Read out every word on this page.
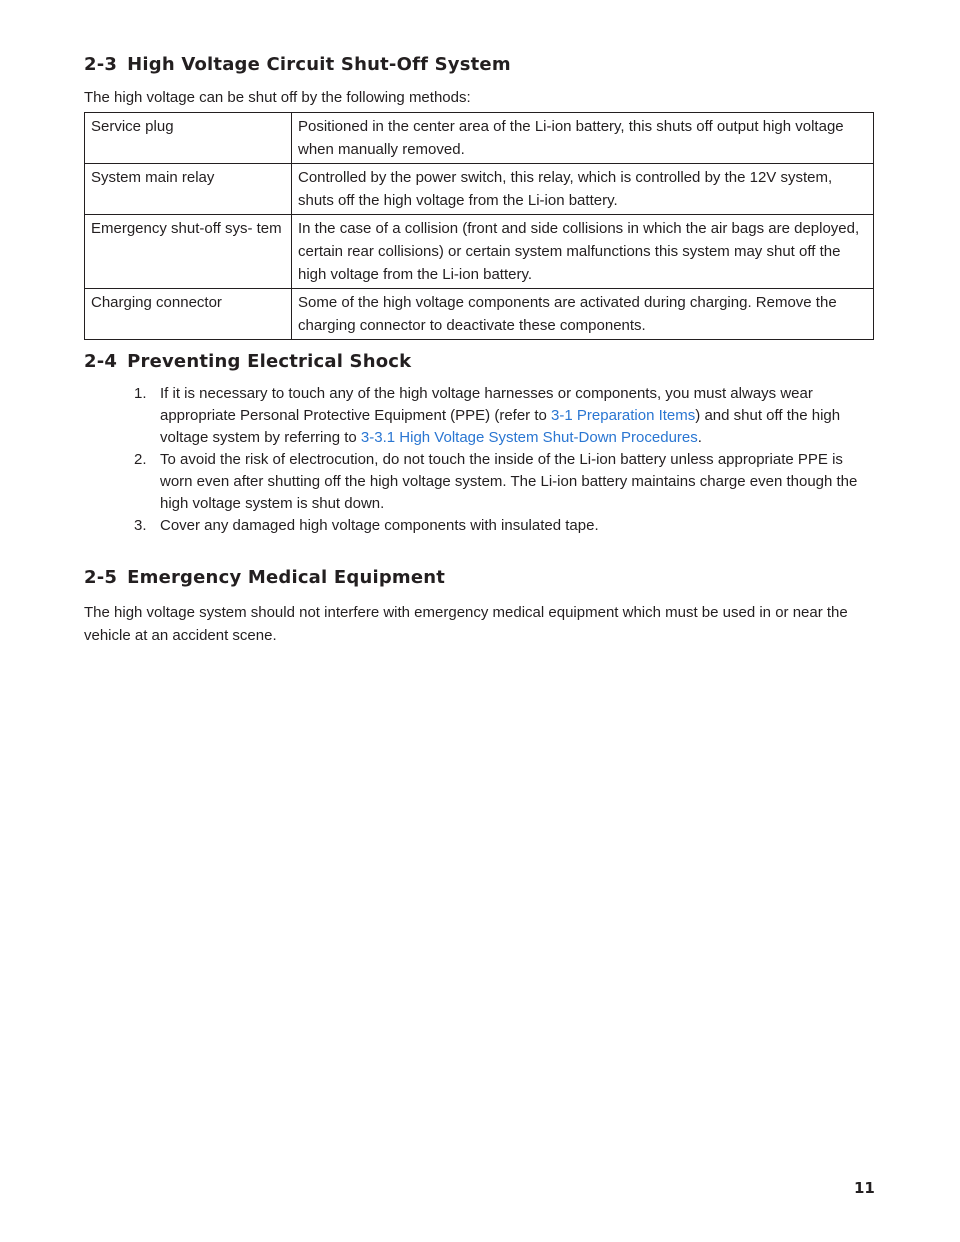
2-3 High Voltage Circuit Shut-Off System
The high voltage can be shut off by the following methods:
Service plug	Positioned in the center area of the Li-ion battery, this shuts off output high voltage when manually removed.
System main relay	Controlled by the power switch, this relay, which is controlled by the 12V system, shuts off the high voltage from the Li-ion battery.
Emergency shut-off sys- tem	In the case of a collision (front and side collisions in which the air bags are deployed, certain rear collisions) or certain system malfunctions this system may shut off the high voltage from the Li-ion battery.
Charging connector	Some of the high voltage components are activated during charging. Remove the charging connector to deactivate these components.
2-4 Preventing Electrical Shock
1. If it is necessary to touch any of the high voltage harnesses or components, you must always wear appropriate Personal Protective Equipment (PPE) (refer to 3-1 Preparation Items) and shut off the high voltage system by referring to 3-3.1 High Voltage System Shut-Down Procedures.
2. To avoid the risk of electrocution, do not touch the inside of the Li-ion battery unless appropriate PPE is worn even after shutting off the high voltage system. The Li-ion battery maintains charge even though the high voltage system is shut down.
3. Cover any damaged high voltage components with insulated tape.
2-5 Emergency Medical Equipment
The high voltage system should not interfere with emergency medical equipment which must be used in or near the vehicle at an accident scene.
11
